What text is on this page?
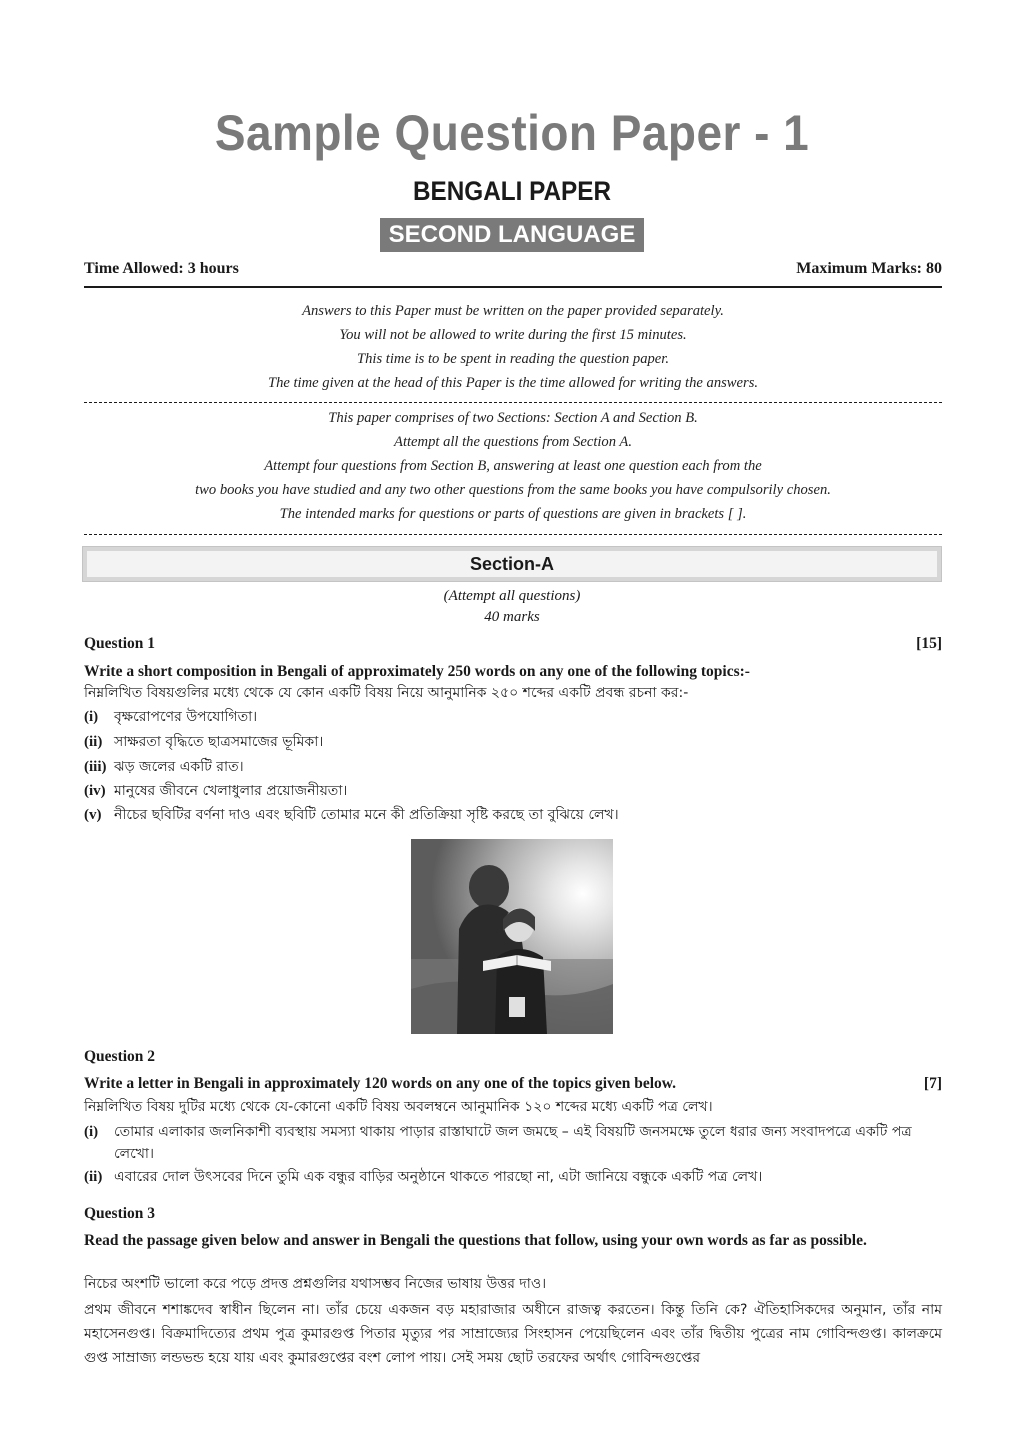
Sample Question Paper - 1
BENGALI PAPER
SECOND LANGUAGE
Time Allowed: 3 hours	Maximum Marks: 80
Answers to this Paper must be written on the paper provided separately.
You will not be allowed to write during the first 15 minutes.
This time is to be spent in reading the question paper.
The time given at the head of this Paper is the time allowed for writing the answers.
This paper comprises of two Sections: Section A and Section B.
Attempt all the questions from Section A.
Attempt four questions from Section B, answering at least one question each from the
two books you have studied and any two other questions from the same books you have compulsorily chosen.
The intended marks for questions or parts of questions are given in brackets [ ].
Section-A
(Attempt all questions)
40 marks
Question 1	[15]
Write a short composition in Bengali of approximately 250 words on any one of the following topics:-
নিম্নলিখিত বিষয়গুলির মধ্যে থেকে যে কোন একটি বিষয় নিয়ে আনুমানিক ২৫০ শব্দের একটি প্রবন্ধ রচনা কর:-
(i) বৃক্ষরোপণের উপযোগিতা।
(ii) সাক্ষরতা বৃদ্ধিতে ছাত্রসমাজের ভূমিকা।
(iii) ঝড় জলের একটি রাত।
(iv) মানুষের জীবনে খেলাধুলার প্রয়োজনীয়তা।
(v) নীচের ছবিটির বর্ণনা দাও এবং ছবিটি তোমার মনে কী প্রতিক্রিয়া সৃষ্টি করছে তা বুঝিয়ে লেখ।
Question 2
Write a letter in Bengali in approximately 120 words on any one of the topics given below.	[7]
নিম্নলিখিত বিষয় দুটির মধ্যে থেকে যে-কোনো একটি বিষয় অবলম্বনে আনুমানিক ১২০ শব্দের মধ্যে একটি পত্র লেখ।
(i) তোমার এলাকার জলনিকাশী ব্যবস্থায় সমস্যা থাকায় পাড়ার রাস্তাঘাটে জল জমছে – এই বিষয়টি জনসমক্ষে তুলে ধরার জন্য সংবাদপত্রে একটি পত্র লেখো।
(ii) এবারের দোল উৎসবের দিনে তুমি এক বন্ধুর বাড়ির অনুষ্ঠানে থাকতে পারছো না, এটা জানিয়ে বন্ধুকে একটি পত্র লেখ।
Question 3
Read the passage given below and answer in Bengali the questions that follow, using your own words as far as possible.
নিচের অংশটি ভালো করে পড়ে প্রদত্ত প্রশ্নগুলির যথাসম্ভব নিজের ভাষায় উত্তর দাও।
প্রথম জীবনে শশাঙ্কদেব স্বাধীন ছিলেন না। তাঁর চেয়ে একজন বড় মহারাজার অধীনে রাজত্ব করতেন। কিন্তু তিনি কে? ঐতিহাসিকদের অনুমান, তাঁর নাম মহাসেনগুপ্ত। বিক্রমাদিত্যের প্রথম পুত্র কুমারগুপ্ত পিতার মৃত্যুর পর সাম্রাজ্যের সিংহাসন পেয়েছিলেন এবং তাঁর দ্বিতীয় পুত্রের নাম গোবিন্দগুপ্ত। কালক্রমে গুপ্ত সাম্রাজ্য লন্ডভন্ড হয়ে যায় এবং কুমারগুপ্তের বংশ লোপ পায়। সেই সময় ছোট তরফের অর্থাৎ গোবিন্দগুপ্তের
